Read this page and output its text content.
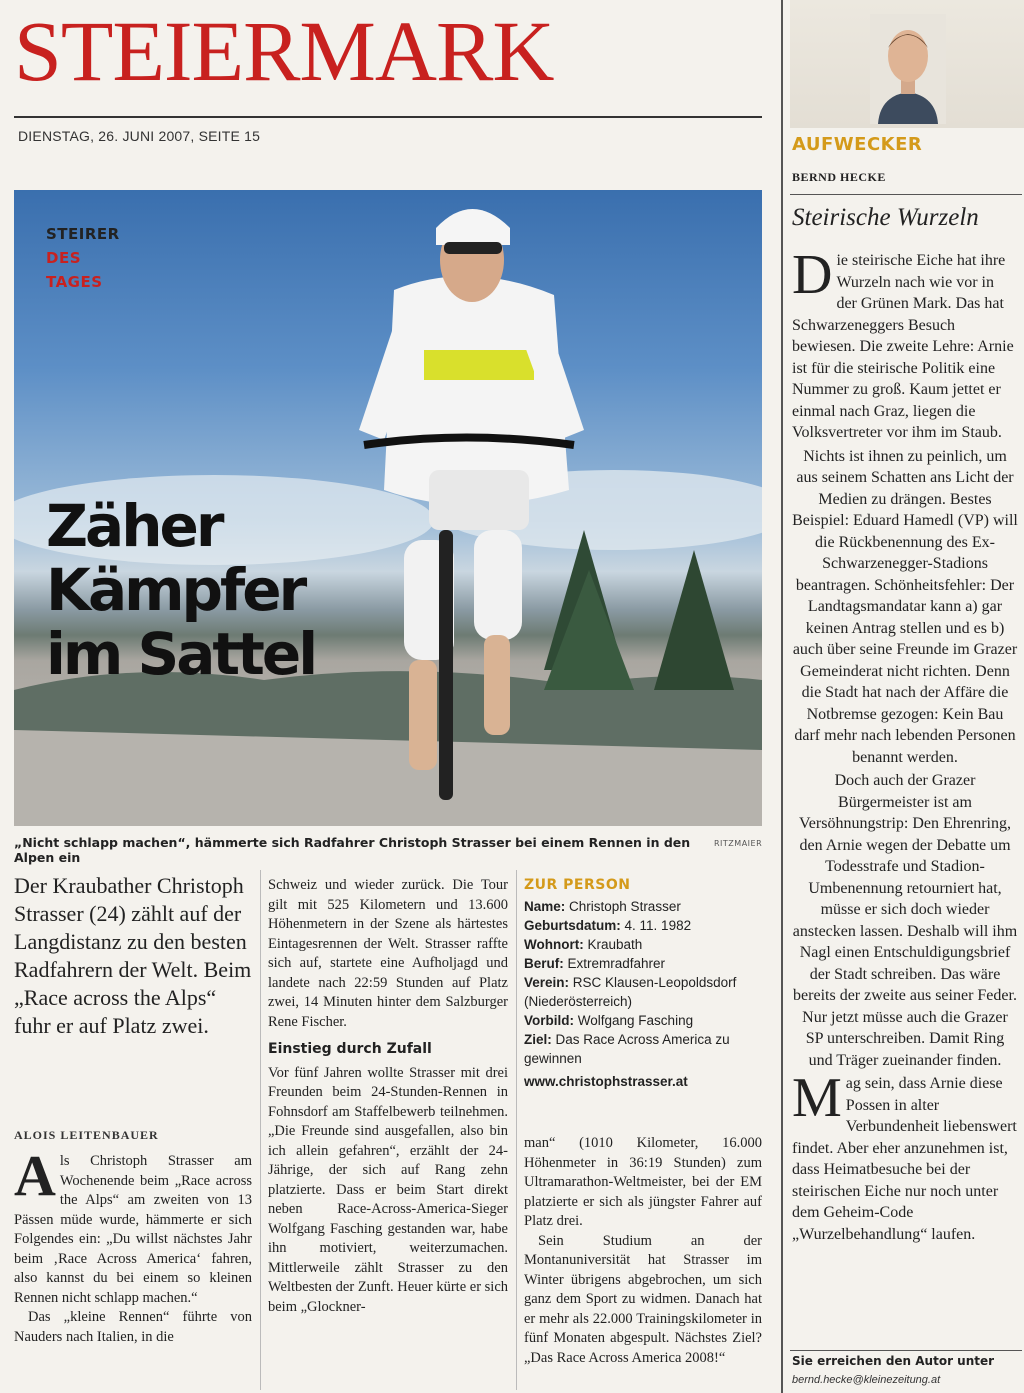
STEIERMARK
DIENSTAG, 26. JUNI 2007, SEITE 15
STEIRER
DES
TAGES
Zäher
Kämpfer
im Sattel
„Nicht schlapp machen“, hämmerte sich Radfahrer Christoph Strasser bei einem Rennen in den Alpen ein
RITZMAIER
Der Kraubather Christoph Strasser (24) zählt auf der Langdistanz zu den besten Radfahrern der Welt. Beim „Race across the Alps“ fuhr er auf Platz zwei.
ALOIS LEITENBAUER

Als Christoph Strasser am Wochenende beim „Race across the Alps“ am zweiten von 13 Pässen müde wurde, hämmerte er sich Folgendes ein: „Du willst nächstes Jahr beim ‚Race Across America‘ fahren, also kannst du bei einem so kleinen Rennen nicht schlapp machen.“

Das „kleine Rennen“ führte von Nauders nach Italien, in die

Schweiz und wieder zurück. Die Tour gilt mit 525 Kilometern und 13.600 Höhenmetern in der Szene als härtestes Eintagesrennen der Welt. Strasser raffte sich auf, startete eine Aufholjagd und landete nach 22:59 Stunden auf Platz zwei, 14 Minuten hinter dem Salzburger Rene Fischer.

Einstieg durch Zufall

Vor fünf Jahren wollte Strasser mit drei Freunden beim 24-Stunden-Rennen in Fohnsdorf am Staffelbewerb teilnehmen. „Die Freunde sind ausgefallen, also bin ich allein gefahren“, erzählt der 24-Jährige, der sich auf Rang zehn platzierte. Dass er beim Start direkt neben Race-Across-America-Sieger Wolfgang Fasching gestanden war, habe ihn motiviert, weiterzumachen. Mittlerweile zählt Strasser zu den Weltbesten der Zunft. Heuer kürte er sich beim „Glockner-

ZUR PERSON
Name: Christoph Strasser
Geburtsdatum: 4. 11. 1982
Wohnort: Kraubath
Beruf: Extremradfahrer
Verein: RSC Klausen-Leopoldsdorf (Niederösterreich)
Vorbild: Wolfgang Fasching
Ziel: Das Race Across America zu gewinnen
www.christophstrasser.at

man“ (1010 Kilometer, 16.000 Höhenmeter in 36:19 Stunden) zum Ultramarathon-Weltmeister, bei der EM platzierte er sich als jüngster Fahrer auf Platz drei.

Sein Studium an der Montanuniversität hat Strasser im Winter übrigens abgebrochen, um sich ganz dem Sport zu widmen. Danach hat er mehr als 22.000 Trainingskilometer in fünf Monaten abgespult. Nächstes Ziel? „Das Race Across America 2008!“

AUFWECKER
BERND HECKE
Steirische Wurzeln

Die steirische Eiche hat ihre Wurzeln nach wie vor in der Grünen Mark. Das hat Schwarzeneggers Besuch bewiesen. Die zweite Lehre: Arnie ist für die steirische Politik eine Nummer zu groß. Kaum jettet er einmal nach Graz, liegen die Volksvertreter vor ihm im Staub.

Nichts ist ihnen zu peinlich, um aus seinem Schatten ans Licht der Medien zu drängen. Bestes Beispiel: Eduard Hamedl (VP) will die Rückbenennung des Ex-Schwarzenegger-Stadions beantragen. Schönheitsfehler: Der Landtagsmandatar kann a) gar keinen Antrag stellen und es b) auch über seine Freunde im Grazer Gemeinderat nicht richten. Denn die Stadt hat nach der Affäre die Notbremse gezogen: Kein Bau darf mehr nach lebenden Personen benannt werden.

Doch auch der Grazer Bürgermeister ist am Versöhnungstrip: Den Ehrenring, den Arnie wegen der Debatte um Todesstrafe und Stadion-Umbenennung retourniert hat, müsse er sich doch wieder anstecken lassen. Deshalb will ihm Nagl einen Entschuldigungsbrief der Stadt schreiben. Das wäre bereits der zweite aus seiner Feder. Nur jetzt müsse auch die Grazer SP unterschreiben. Damit Ring und Träger zueinander finden.

Mag sein, dass Arnie diese Possen in alter Verbundenheit liebenswert findet. Aber eher anzunehmen ist, dass Heimatbesuche bei der steirischen Eiche nur noch unter dem Geheim-Code „Wurzelbehandlung“ laufen.

Sie erreichen den Autor unter
bernd.hecke@kleinezeitung.at
